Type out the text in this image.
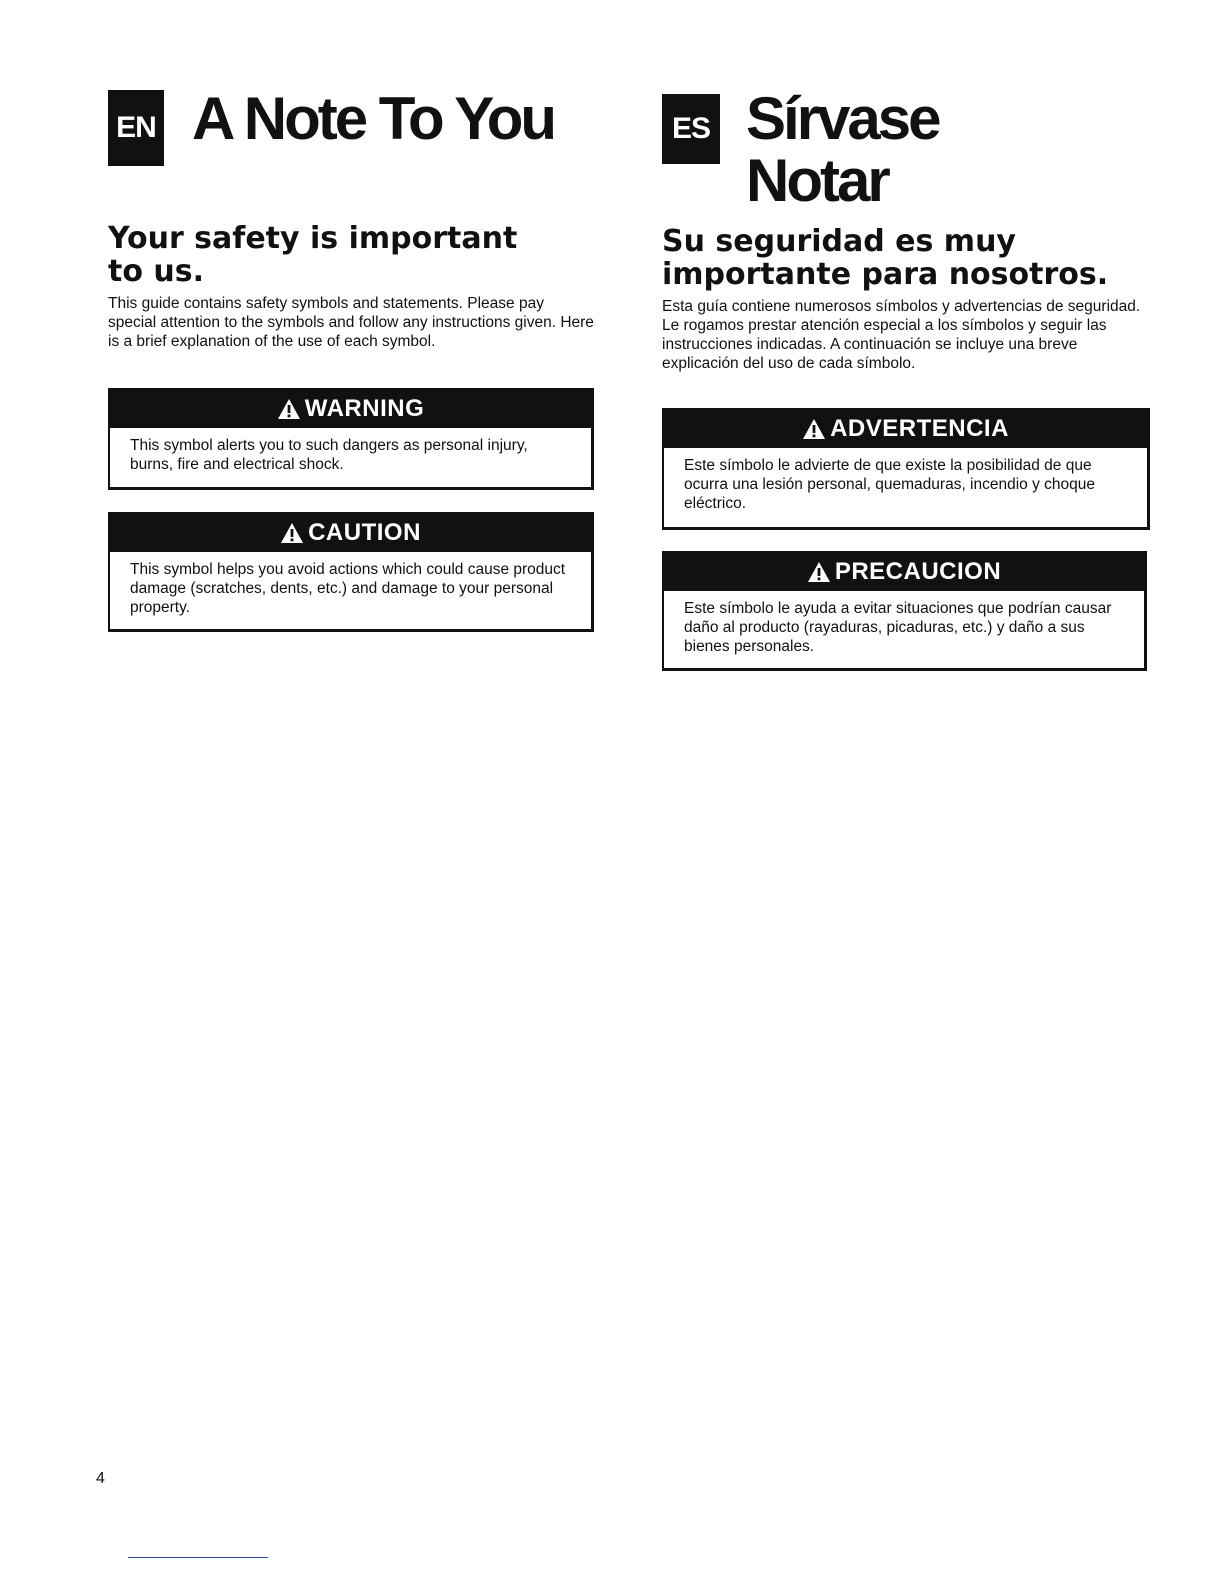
EN A Note To You
Your safety is important to us.

This guide contains safety symbols and statements. Please pay special attention to the symbols and follow any instructions given. Here is a brief explanation of the use of each symbol.

WARNING
This symbol alerts you to such dangers as personal injury, burns, fire and electrical shock.
CAUTION
This symbol helps you avoid actions which could cause product damage (scratches, dents, etc.) and damage to your personal property.
ES Sírvase Notar
Su seguridad es muy importante para nosotros.

Esta guía contiene numerosos símbolos y advertencias de seguridad. Le rogamos prestar atención especial a los símbolos y seguir las instrucciones indicadas. A continuación se incluye una breve explicación del uso de cada símbolo.

ADVERTENCIA
Este símbolo le advierte de que existe la posibilidad de que ocurra una lesión personal, quemaduras, incendio y choque eléctrico.
PRECAUCION
Este símbolo le ayuda a evitar situaciones que podrían causar daño al producto (rayaduras, picaduras, etc.) y daño a sus bienes personales.
4
